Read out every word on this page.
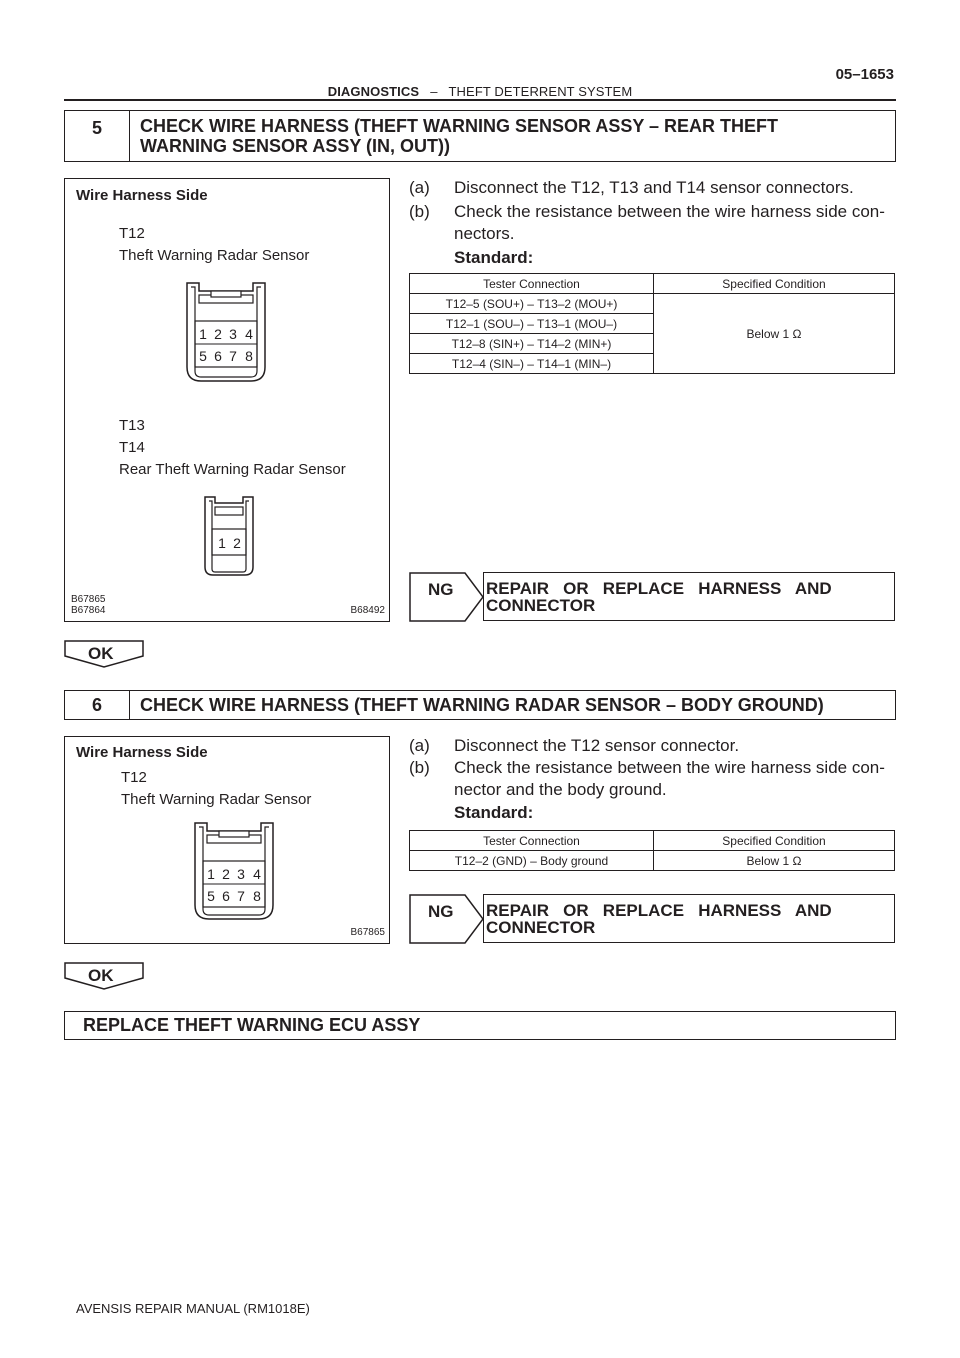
05–1653
DIAGNOSTICS – THEFT DETERRENT SYSTEM
5	CHECK WIRE HARNESS (THEFT WARNING SENSOR ASSY – REAR THEFT
WARNING SENSOR ASSY (IN, OUT))
Wire Harness Side
T12
Theft Warning Radar Sensor
1 2 3 4
5 6 7 8
T13
T14
Rear Theft Warning Radar Sensor
1 2
B67865
B67864	B68492
(a) Disconnect the T12, T13 and T14 sensor connectors.
(b) Check the resistance between the wire harness side con-
nectors.
Standard:
Tester Connection	Specified Condition
T12–5 (SOU+) – T13–2 (MOU+)	Below 1 Ω
T12–1 (SOU–) – T13–1 (MOU–)	
T12–8 (SIN+) – T14–2 (MIN+)	
T12–4 (SIN–) – T14–1 (MIN–)	
NG REPAIR   OR   REPLACE   HARNESS   AND
CONNECTOR
OK
6	CHECK WIRE HARNESS (THEFT WARNING RADAR SENSOR – BODY GROUND)
Wire Harness Side
T12
Theft Warning Radar Sensor
1 2 3 4
5 6 7 8
B67865
(a) Disconnect the T12 sensor connector.
(b) Check the resistance between the wire harness side con-
nector and the body ground.
Standard:
Tester Connection	Specified Condition
T12–2 (GND) – Body ground	Below 1 Ω
NG REPAIR   OR   REPLACE   HARNESS   AND
CONNECTOR
OK
REPLACE THEFT WARNING ECU ASSY
AVENSIS REPAIR MANUAL (RM1018E)
